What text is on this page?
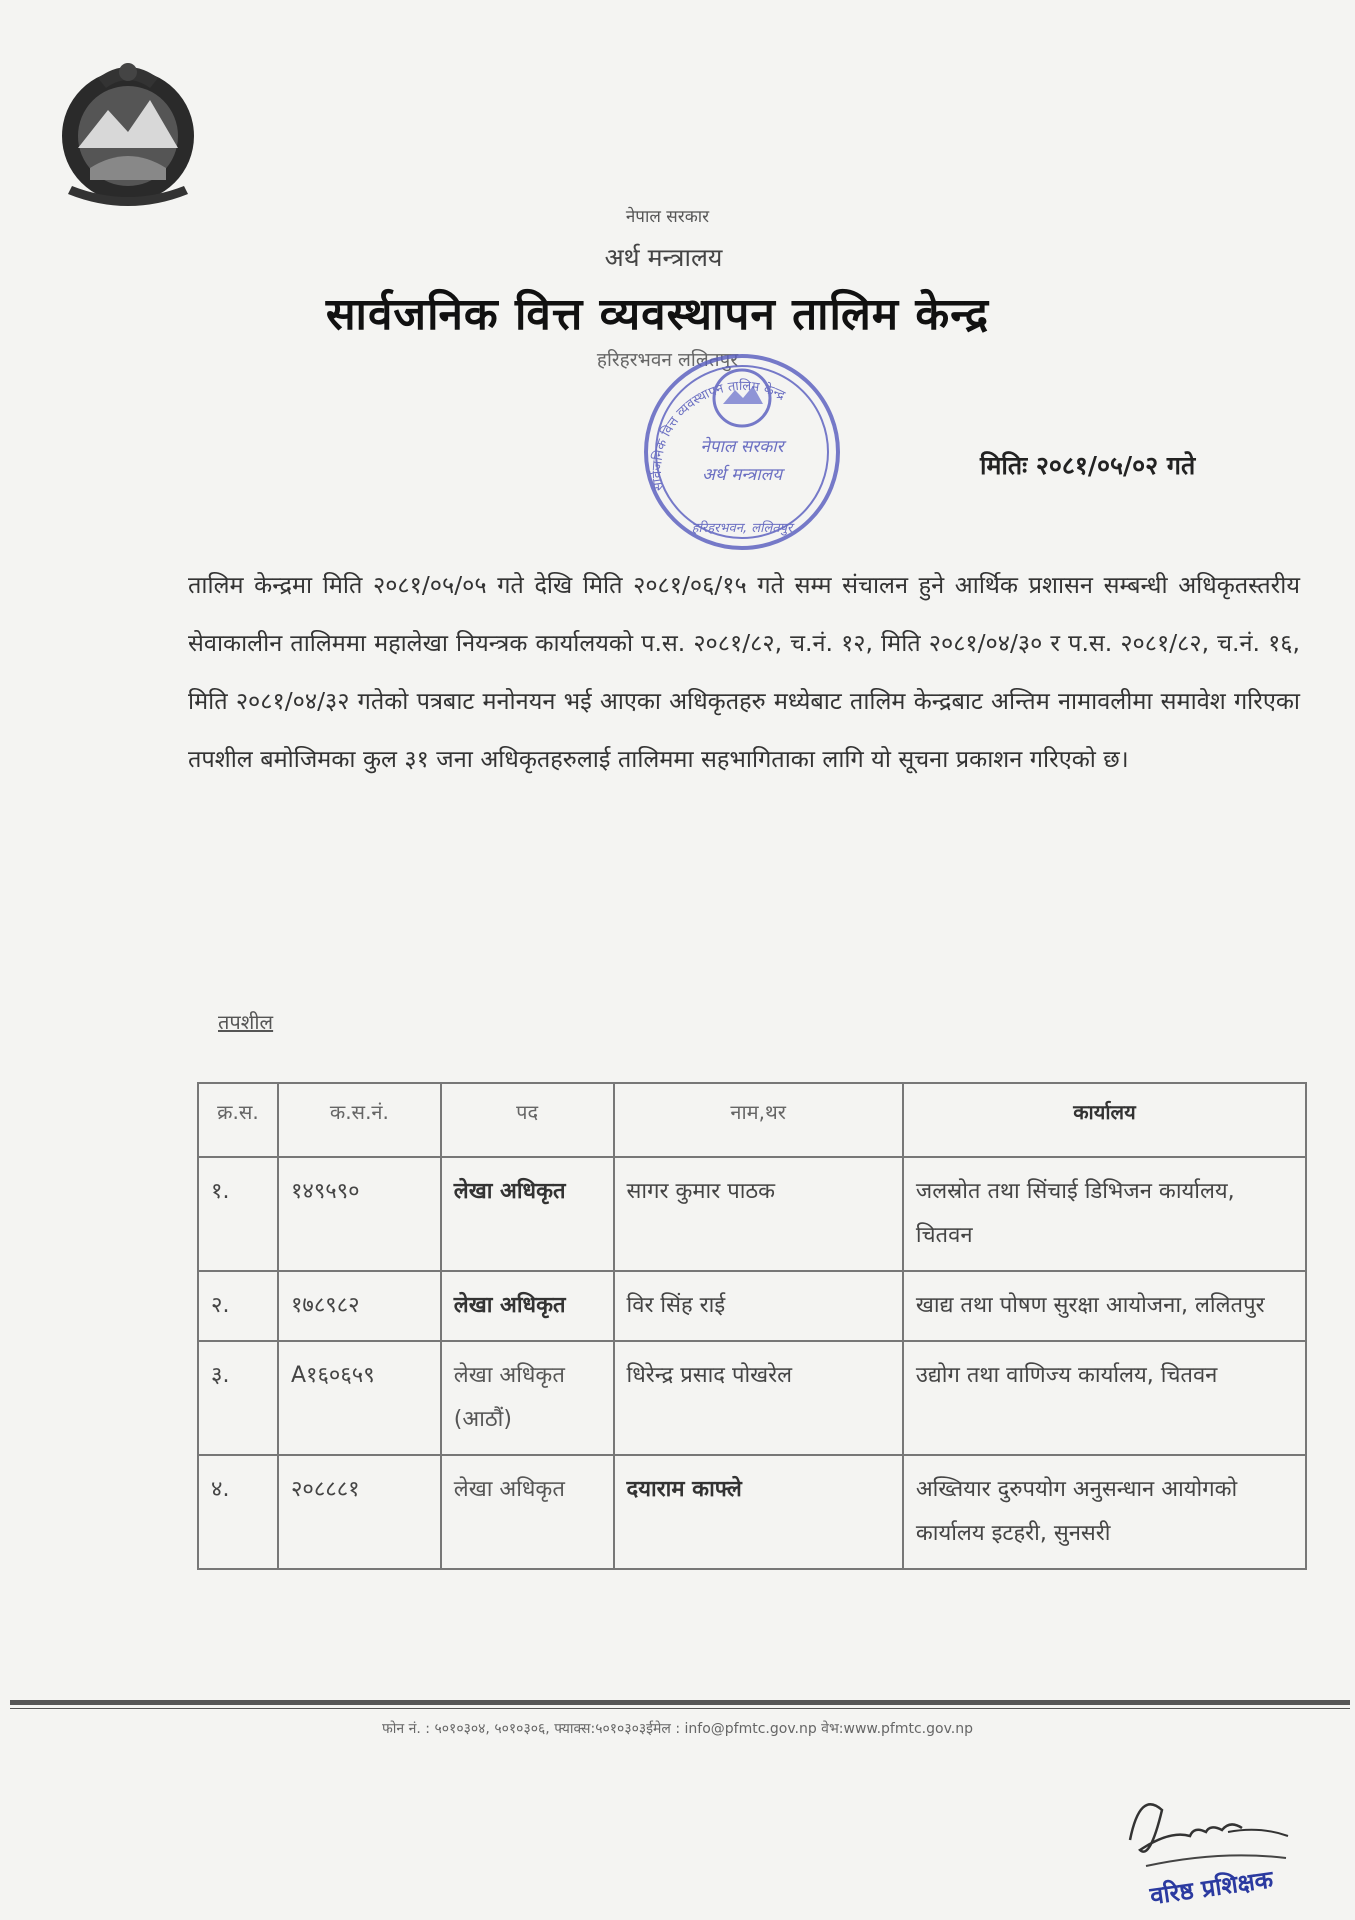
नेपाल सरकार
अर्थ मन्त्रालय
सार्वजनिक वित्त व्यवस्थापन तालिम केन्द्र
हरिहरभवन ललितपुर
सार्वजनिक वित्त व्यवस्थापन तालिम केन्द्र
नेपाल सरकार
अर्थ मन्त्रालय
हरिहरभवन, ललितपुर
मितिः २०८१/०५/०२ गते
तालिम केन्द्रमा मिति २०८१/०५/०५ गते देखि मिति २०८१/०६/१५ गते सम्म संचालन हुने आर्थिक प्रशासन सम्बन्धी अधिकृतस्तरीय सेवाकालीन तालिममा महालेखा नियन्त्रक कार्यालयको प.स. २०८१/८२, च.नं. १२, मिति २०८१/०४/३० र प.स. २०८१/८२, च.नं. १६, मिति २०८१/०४/३२ गतेको पत्रबाट मनोनयन भई आएका अधिकृतहरु मध्येबाट तालिम केन्द्रबाट अन्तिम नामावलीमा समावेश गरिएका तपशील बमोजिमका कुल ३१ जना अधिकृतहरुलाई तालिममा सहभागिताका लागि यो सूचना प्रकाशन गरिएको छ।
तपशील
क्र.स.	क.स.नं.	पद	नाम,थर	कार्यालय
१.	१४९५९०	लेखा अधिकृत	सागर कुमार पाठक	जलस्रोत तथा सिंचाई डिभिजन कार्यालय, चितवन
२.	१७८९८२	लेखा अधिकृत	विर सिंह राई	खाद्य तथा पोषण सुरक्षा आयोजना, ललितपुर
३.	A१६०६५९	लेखा अधिकृत (आठौं)	धिरेन्द्र प्रसाद पोखरेल	उद्योग तथा वाणिज्य कार्यालय, चितवन
४.	२०८८८१	लेखा अधिकृत	दयाराम काफ्ले	अख्तियार दुरुपयोग अनुसन्धान आयोगको कार्यालय इटहरी, सुनसरी
फोन नं. : ५०१०३०४, ५०१०३०६, फ्याक्स:५०१०३०३ईमेल : info@pfmtc.gov.np वेभ:www.pfmtc.gov.np
वरिष्ठ प्रशिक्षक
